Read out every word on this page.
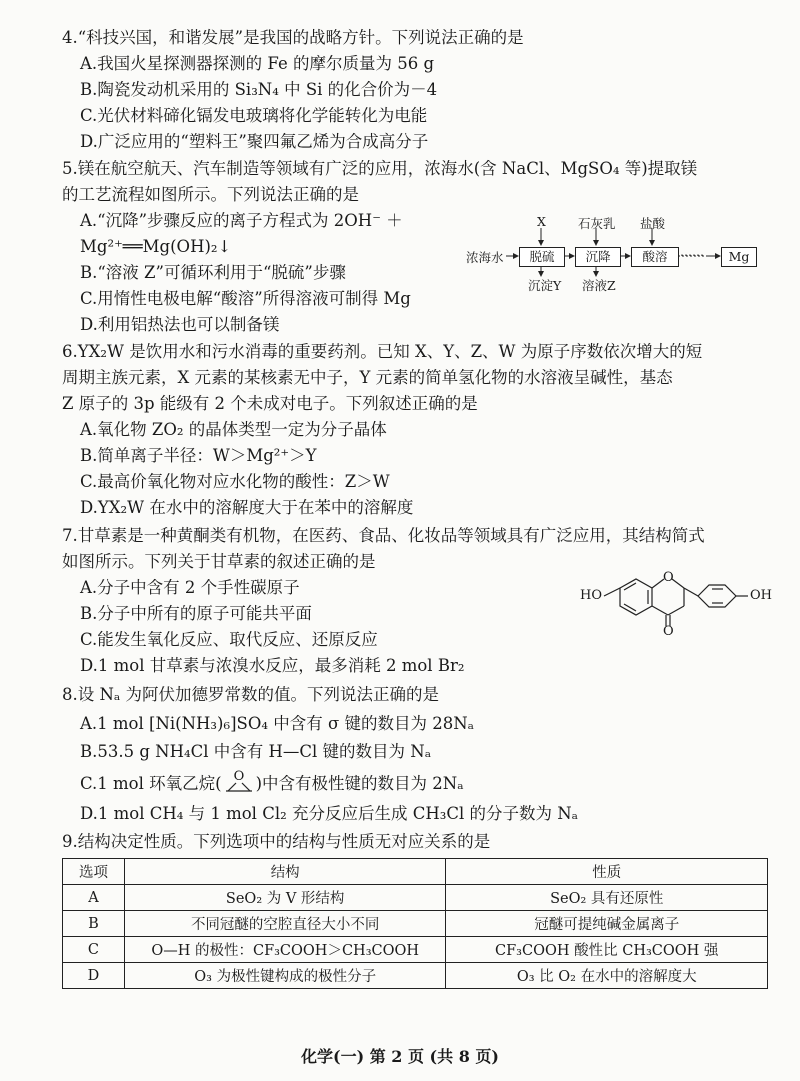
4.“科技兴国，和谐发展”是我国的战略方针。下列说法正确的是
A.我国火星探测器探测的 Fe 的摩尔质量为 56 g
B.陶瓷发动机采用的 Si₃N₄ 中 Si 的化合价为－4
C.光伏材料碲化镉发电玻璃将化学能转化为电能
D.广泛应用的“塑料王”聚四氟乙烯为合成高分子
5.镁在航空航天、汽车制造等领域有广泛的应用，浓海水(含 NaCl、MgSO₄ 等)提取镁
的工艺流程如图所示。下列说法正确的是
A.“沉降”步骤反应的离子方程式为 2OH⁻ ＋
Mg²⁺══Mg(OH)₂↓
B.“溶液 Z”可循环利用于“脱硫”步骤
C.用惰性电极电解“酸溶”所得溶液可制得 Mg
D.利用铝热法也可以制备镁
浓海水	脱硫	沉降	酸溶	……	Mg
X	石灰乳 盐酸
沉淀Y 溶液Z
6.YX₂W 是饮用水和污水消毒的重要药剂。已知 X、Y、Z、W 为原子序数依次增大的短
周期主族元素，X 元素的某核素无中子，Y 元素的简单氢化物的水溶液呈碱性，基态
Z 原子的 3p 能级有 2 个未成对电子。下列叙述正确的是
A.氧化物 ZO₂ 的晶体类型一定为分子晶体
B.简单离子半径：W＞Mg²⁺＞Y
C.最高价氧化物对应水化物的酸性：Z＞W
D.YX₂W 在水中的溶解度大于在苯中的溶解度
7.甘草素是一种黄酮类有机物，在医药、食品、化妆品等领域具有广泛应用，其结构简式
如图所示。下列关于甘草素的叙述正确的是
A.分子中含有 2 个手性碳原子
B.分子中所有的原子可能共平面
C.能发生氧化反应、取代反应、还原反应
D.1 mol 甘草素与浓溴水反应，最多消耗 2 mol Br₂
HO
O
O
OH
8.设 Nₐ 为阿伏加德罗常数的值。下列说法正确的是
A.1 mol [Ni(NH₃)₆]SO₄ 中含有 σ 键的数目为 28Nₐ
B.53.5 g NH₄Cl 中含有 H—Cl 键的数目为 Nₐ
C.1 mol 环氧乙烷( O )中含有极性键的数目为 2Nₐ
D.1 mol CH₄ 与 1 mol Cl₂ 充分反应后生成 CH₃Cl 的分子数为 Nₐ
9.结构决定性质。下列选项中的结构与性质无对应关系的是
选项	结构	性质
A	SeO₂ 为 V 形结构	SeO₂ 具有还原性
B	不同冠醚的空腔直径大小不同	冠醚可提纯碱金属离子
C	O—H 的极性：CF₃COOH＞CH₃COOH	CF₃COOH 酸性比 CH₃COOH 强
D	O₃ 为极性键构成的极性分子	O₃ 比 O₂ 在水中的溶解度大
化学(一) 第 2 页 (共 8 页)
